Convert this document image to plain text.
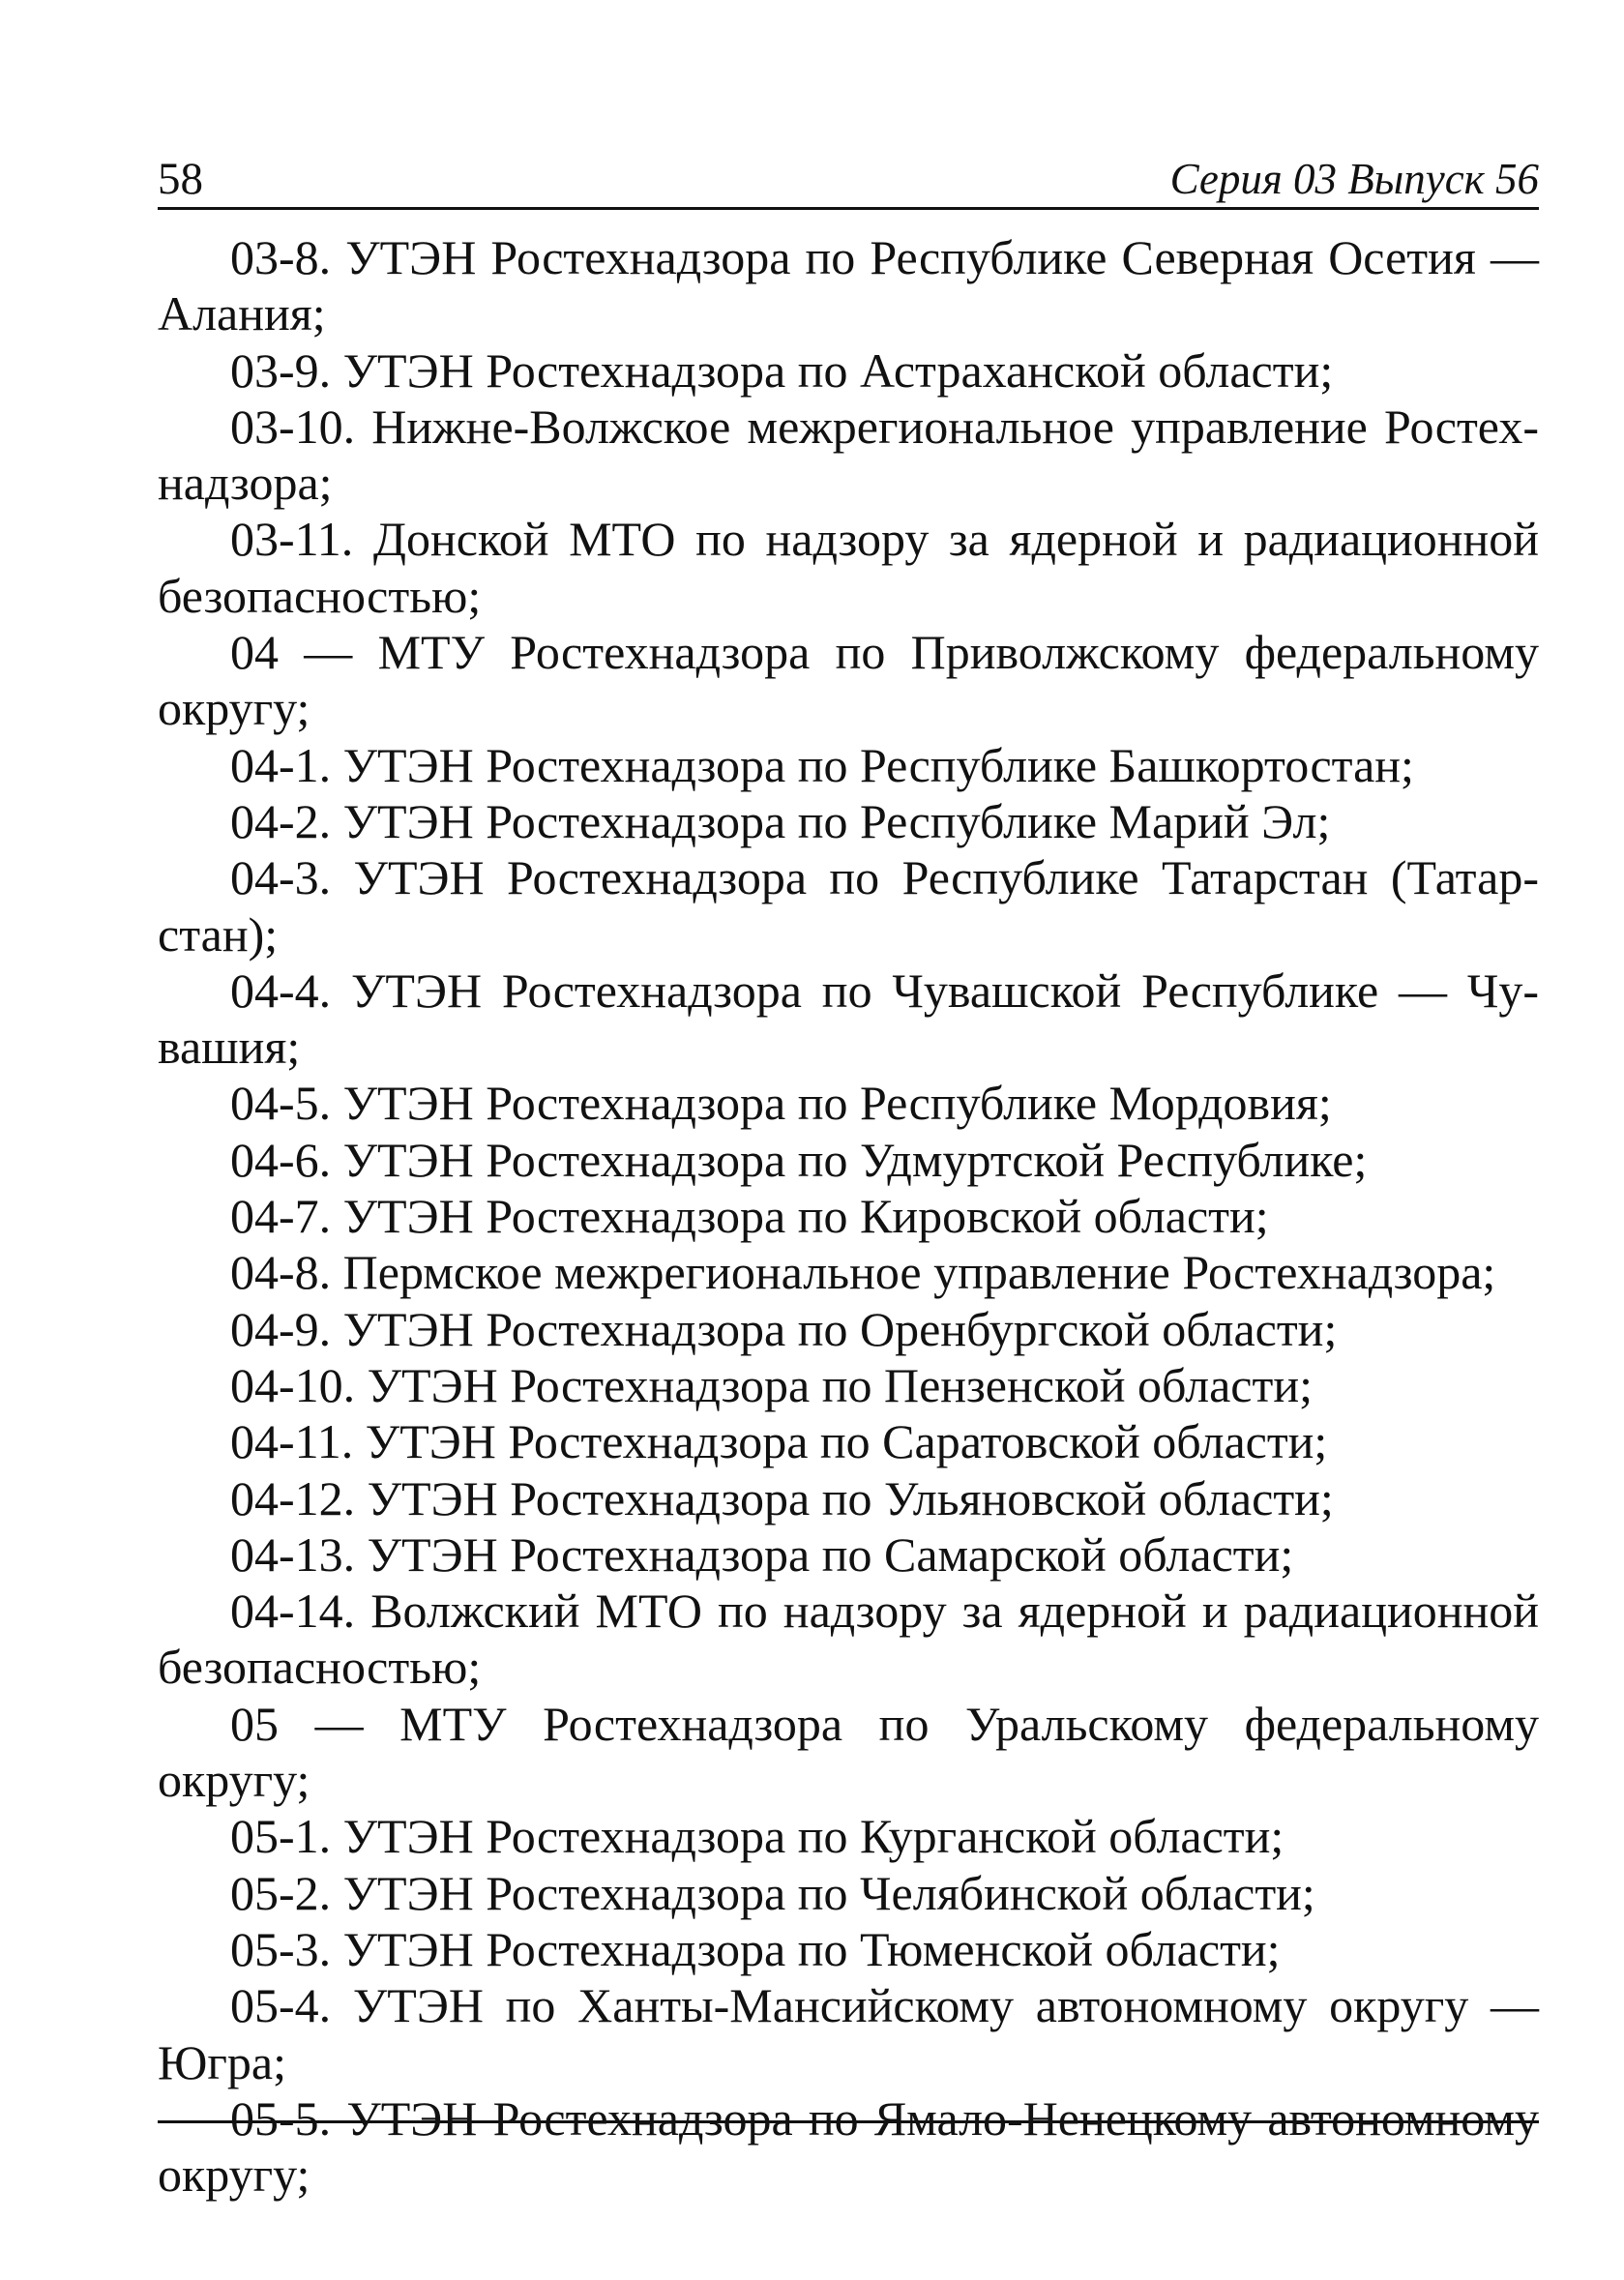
58	Серия 03 Выпуск 56

03-8. УТЭН Ростехнадзора по Республике Северная Осетия — Алания;

03-9. УТЭН Ростехнадзора по Астраханской области;

03-10. Нижне-Волжское межрегиональное управление Ростехнадзора;

03-11. Донской МТО по надзору за ядерной и радиационной безопасностью;

04 — МТУ Ростехнадзора по Приволжскому федеральному округу;

04-1. УТЭН Ростехнадзора по Республике Башкортостан;

04-2. УТЭН Ростехнадзора по Республике Марий Эл;

04-3. УТЭН Ростехнадзора по Республике Татарстан (Татарстан);

04-4. УТЭН Ростехнадзора по Чувашской Республике — Чувашия;

04-5. УТЭН Ростехнадзора по Республике Мордовия;

04-6. УТЭН Ростехнадзора по Удмуртской Республике;

04-7. УТЭН Ростехнадзора по Кировской области;

04-8. Пермское межрегиональное управление Ростехнадзора;

04-9. УТЭН Ростехнадзора по Оренбургской области;

04-10. УТЭН Ростехнадзора по Пензенской области;

04-11. УТЭН Ростехнадзора по Саратовской области;

04-12. УТЭН Ростехнадзора по Ульяновской области;

04-13. УТЭН Ростехнадзора по Самарской области;

04-14. Волжский МТО по надзору за ядерной и радиационной безопасностью;

05 — МТУ Ростехнадзора по Уральскому федеральному округу;

05-1. УТЭН Ростехнадзора по Курганской области;

05-2. УТЭН Ростехнадзора по Челябинской области;

05-3. УТЭН Ростехнадзора по Тюменской области;

05-4. УТЭН по Ханты-Мансийскому автономному округу — Югра;

05-5. УТЭН Ростехнадзора по Ямало-Ненецкому автономному округу;
